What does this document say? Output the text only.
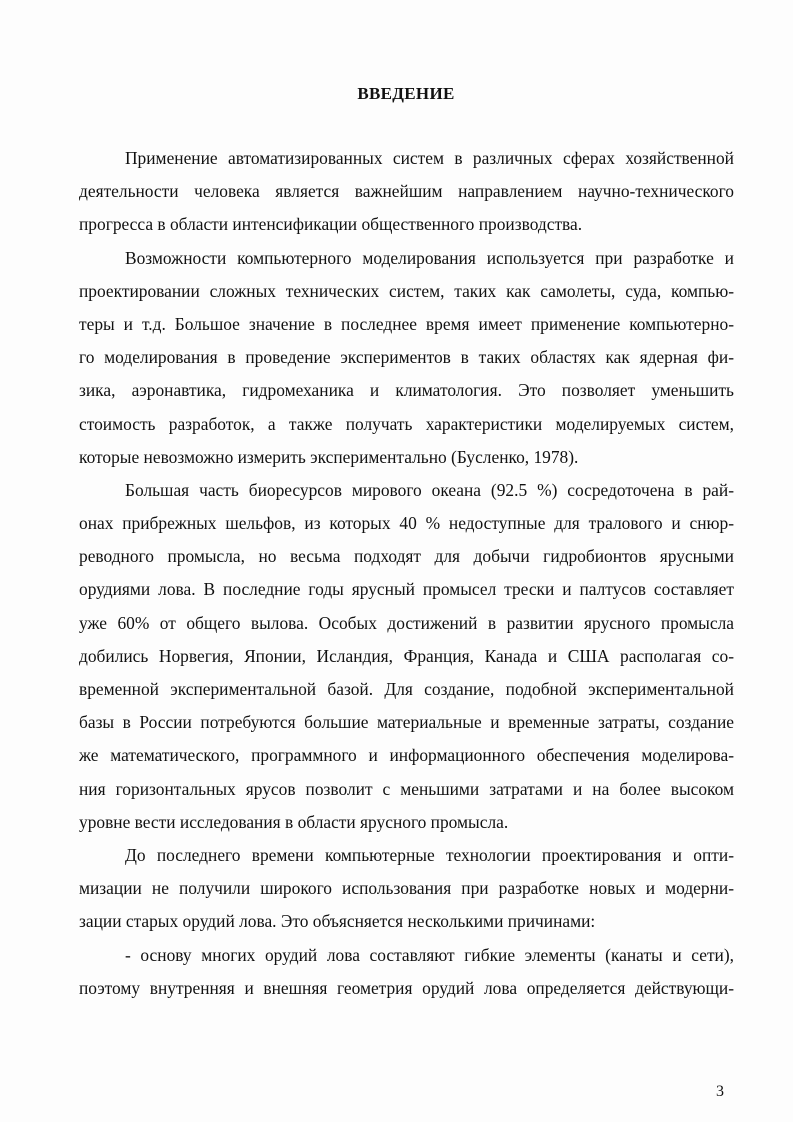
ВВЕДЕНИЕ
Применение автоматизированных систем в различных сферах хозяйственной
деятельности человека является важнейшим направлением научно-технического
прогресса в области интенсификации общественного производства.
Возможности компьютерного моделирования используется при разработке и
проектировании сложных технических систем, таких как самолеты, суда, компью-
теры и т.д. Большое значение в последнее время имеет применение компьютерно-
го моделирования в проведение экспериментов в таких областях как ядерная фи-
зика, аэронавтика, гидромеханика и климатология. Это позволяет уменьшить
стоимость разработок, а также получать характеристики моделируемых систем,
которые невозможно измерить экспериментально (Бусленко, 1978).
Большая часть биоресурсов мирового океана (92.5 %) сосредоточена в рай-
онах прибрежных шельфов, из которых 40 % недоступные для тралового и снюр-
реводного промысла, но весьма подходят для добычи гидробионтов ярусными
орудиями лова. В последние годы ярусный промысел трески и палтусов составляет
уже 60% от общего вылова. Особых достижений в развитии ярусного промысла
добились Норвегия, Японии, Исландия, Франция, Канада и США располагая со-
временной экспериментальной базой. Для создание, подобной экспериментальной
базы в России потребуются большие материальные и временные затраты, создание
же математического, программного и информационного обеспечения моделирова-
ния горизонтальных ярусов позволит с меньшими затратами и на более высоком
уровне вести исследования в области ярусного промысла.
До последнего времени компьютерные технологии проектирования и опти-
мизации не получили широкого использования при разработке новых и модерни-
зации старых орудий лова. Это объясняется несколькими причинами:
- основу многих орудий лова составляют гибкие элементы (канаты и сети),
поэтому внутренняя и внешняя геометрия орудий лова определяется действующи-
3
